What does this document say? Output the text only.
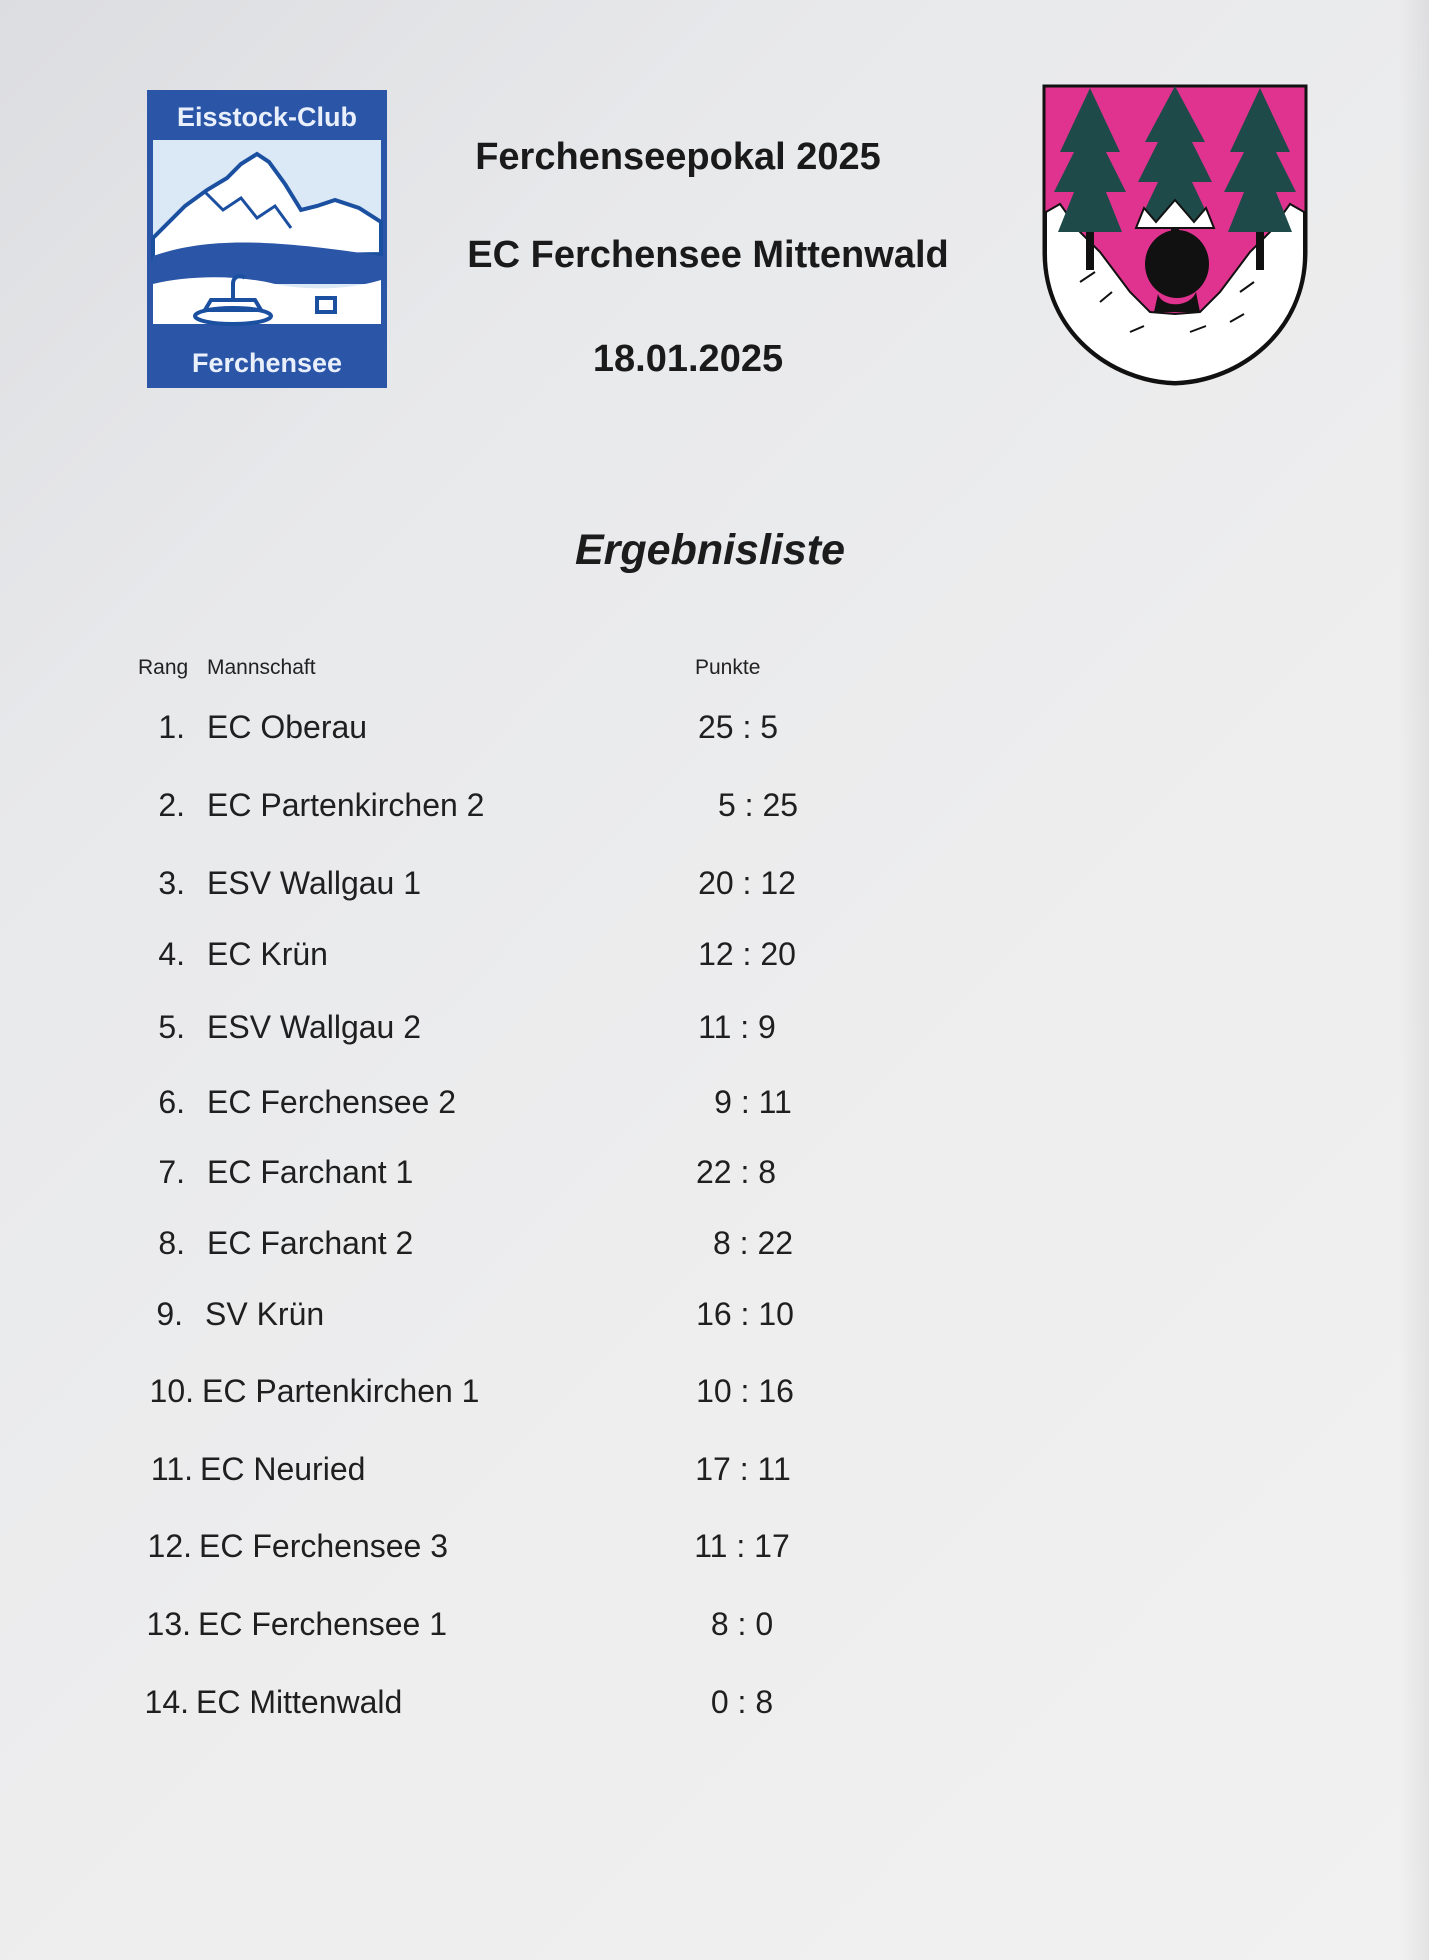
Eisstock-Club
Ferchensee
Ferchenseepokal 2025
EC Ferchensee Mittenwald
18.01.2025
Ergebnisliste
Rang Mannschaft	Punkte
1. EC Oberau	25 : 5
2. EC Partenkirchen 2	5 : 25
3. ESV Wallgau 1	20 : 12
4. EC Krün	12 : 20
5. ESV Wallgau 2	11 : 9
6. EC Ferchensee 2	9 : 11
7. EC Farchant 1	22 : 8
8. EC Farchant 2	8 : 22
9. SV Krün	16 : 10
10. EC Partenkirchen 1	10 : 16
11. EC Neuried	17 : 11
12. EC Ferchensee 3	11 : 17
13. EC Ferchensee 1	8 : 0
14. EC Mittenwald	0 : 8
